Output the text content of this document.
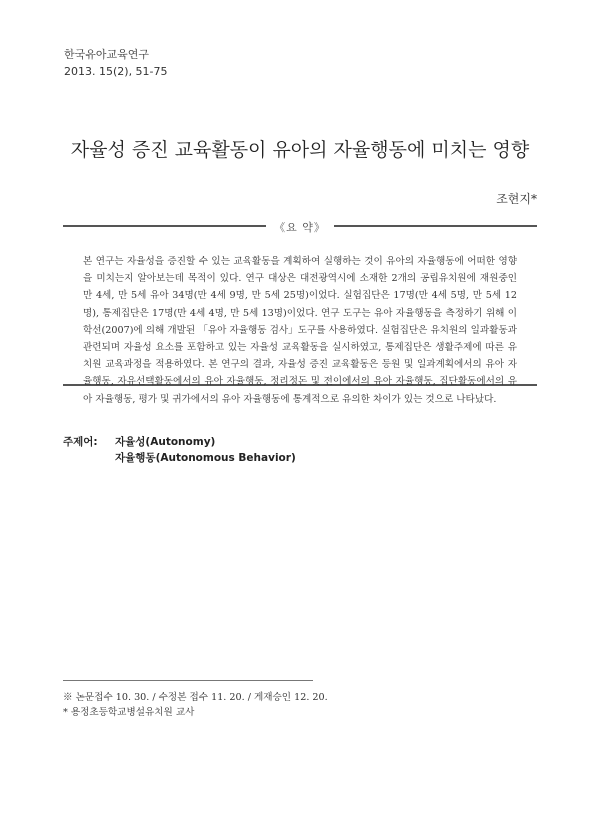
한국유아교육연구
2013. 15(2), 51-75
자율성 증진 교육활동이 유아의 자율행동에 미치는 영향
조현지*
《요 약》
본 연구는 자율성을 증진할 수 있는 교육활동을 계획하여 실행하는 것이 유아의 자율행동에 어떠한 영향을 미치는지 알아보는데 목적이 있다. 연구 대상은 대전광역시에 소재한 2개의 공립유치원에 재원중인 만 4세, 만 5세 유아 34명(만 4세 9명, 만 5세 25명)이었다. 실험집단은 17명(만 4세 5명, 만 5세 12명), 통제집단은 17명(만 4세 4명, 만 5세 13명)이었다. 연구 도구는 유아 자율행동을 측정하기 위해 이학선(2007)에 의해 개발된 「유아 자율행동 검사」도구를 사용하였다. 실험집단은 유치원의 일과활동과 관련되며 자율성 요소를 포함하고 있는 자율성 교육활동을 실시하였고, 통제집단은 생활주제에 따른 유치원 교육과정을 적용하였다. 본 연구의 결과, 자율성 증진 교육활동은 등원 및 일과계획에서의 유아 자율행동, 자유선택활동에서의 유아 자율행동, 정리정돈 및 전이에서의 유아 자율행동, 집단활동에서의 유아 자율행동, 평가 및 귀가에서의 유아 자율행동에 통계적으로 유의한 차이가 있는 것으로 나타났다.
주제어: 자율성(Autonomy)
자율행동(Autonomous Behavior)
※ 논문접수 10. 30. / 수정본 접수 11. 20. / 게재승인 12. 20.
* 용정초등학교병설유치원 교사
